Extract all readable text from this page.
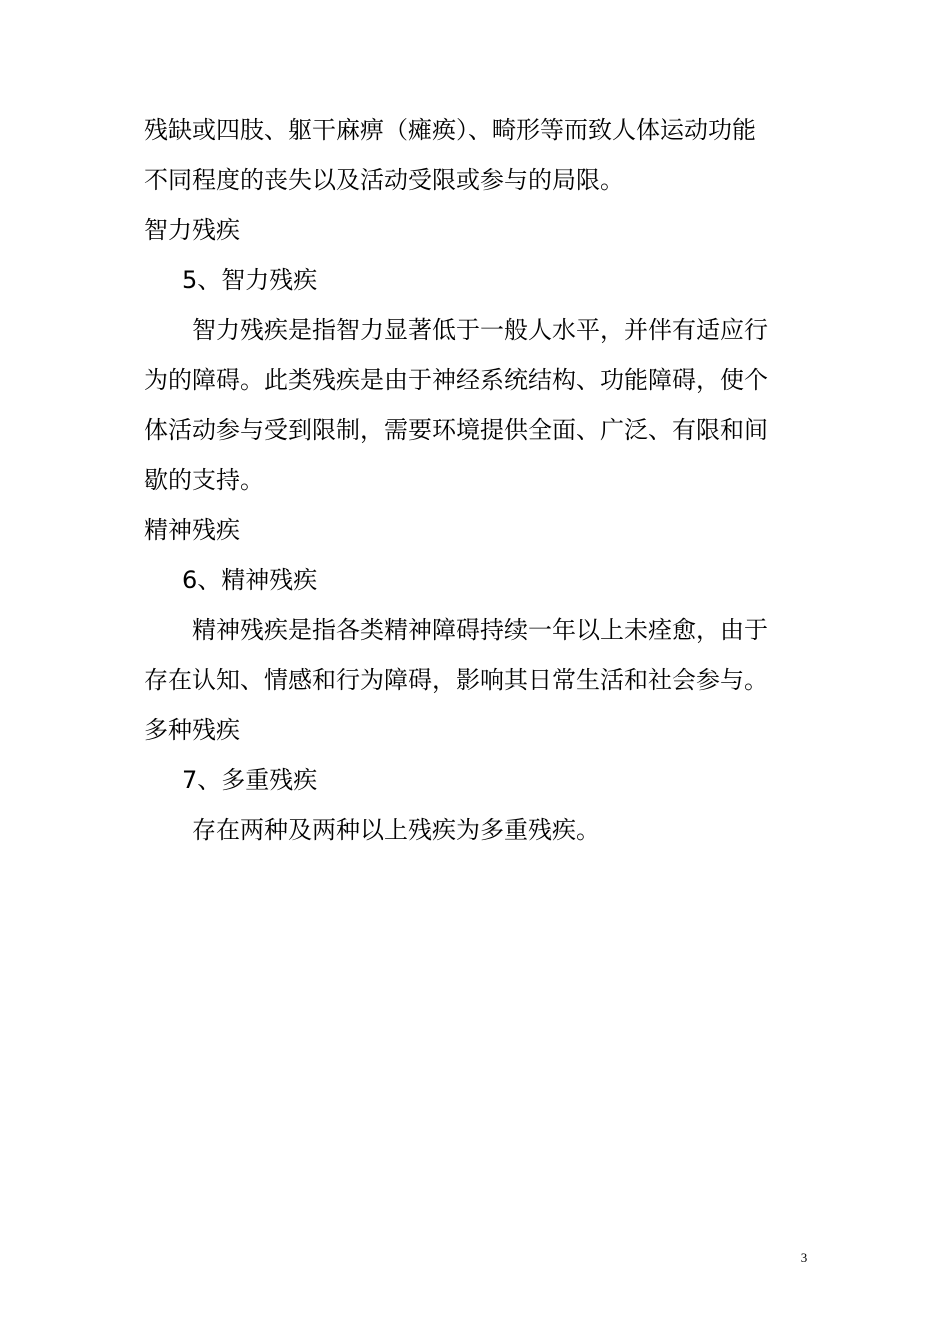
残缺或四肢、躯干麻痹（瘫痪）、畸形等而致人体运动功能
不同程度的丧失以及活动受限或参与的局限。
智力残疾
5、智力残疾
智力残疾是指智力显著低于一般人水平，并伴有适应行
为的障碍。此类残疾是由于神经系统结构、功能障碍，使个
体活动参与受到限制，需要环境提供全面、广泛、有限和间
歇的支持。
精神残疾
6、精神残疾
精神残疾是指各类精神障碍持续一年以上未痊愈，由于
存在认知、情感和行为障碍，影响其日常生活和社会参与。
多种残疾
7、多重残疾
存在两种及两种以上残疾为多重残疾。
3
